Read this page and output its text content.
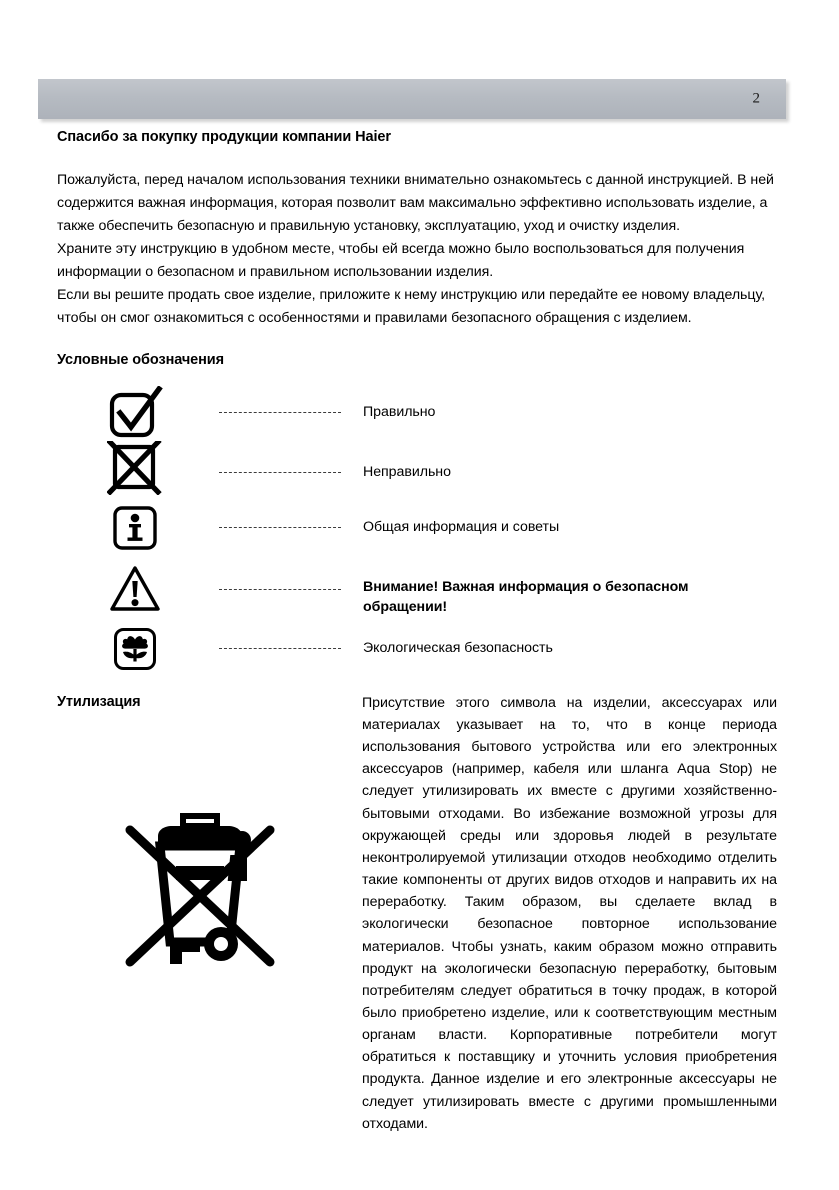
2
Спасибо за покупку продукции компании Haier

Пожалуйста, перед началом использования техники внимательно ознакомьтесь с данной инструкцией. В ней содержится важная информация, которая позволит вам максимально эффективно использовать изделие, а также обеспечить безопасную и правильную установку, эксплуатацию, уход и очистку изделия.

Храните эту инструкцию в удобном месте, чтобы ей всегда можно было воспользоваться для получения информации о безопасном и правильном использовании изделия.

Если вы решите продать свое изделие, приложите к нему инструкцию или передайте ее новому владельцу, чтобы он смог ознакомиться с особенностями и правилами безопасного обращения с изделием.

Условные обозначения
Правильно
Неправильно
Общая информация и советы
Внимание! Важная информация о безопасном обращении!
Экологическая безопасность
Утилизация	Присутствие этого символа на изделии, аксессуарах или материалах указывает на то, что в конце периода использования бытового устройства или его электронных аксессуаров (например, кабеля или шланга Aqua Stop) не следует утилизировать их вместе с другими хозяйственно-бытовыми отходами. Во избежание возможной угрозы для окружающей среды или здоровья людей в результате неконтролируемой утилизации отходов необходимо отделить такие компоненты от других видов отходов и направить их на переработку. Таким образом, вы сделаете вклад в экологически безопасное повторное использование материалов. Чтобы узнать, каким образом можно отправить продукт на экологически безопасную переработку, бытовым потребителям следует обратиться в точку продаж, в которой было приобретено изделие, или к соответствующим местным органам власти. Корпоративные потребители могут обратиться к поставщику и уточнить условия приобретения продукта. Данное изделие и его электронные аксессуары не следует утилизировать вместе с другими промышленными отходами.
